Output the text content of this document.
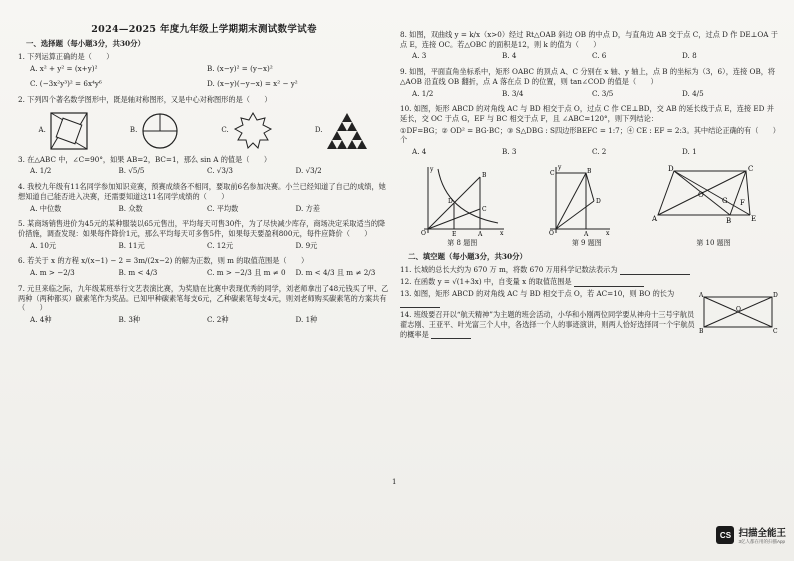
2024—2025 年度九年级上学期期末测试数学试卷
一、选择题（每小题3分，共30分）
1. 下列运算正确的是（　　）
A. x² + y² = (x+y)²	B. (x−y)² = (y−x)²
C. (−3x²y³)² = 6x⁴y⁶	D. (x−y)(−y−x) = x² − y²
2. 下列四个著名数学图形中，既是轴对称图形，又是中心对称图形的是（　　）
A.	B.	C.	D.
3. 在△ABC 中，∠C=90°，如果 AB=2，BC=1，那么 sin A 的值是（　　）
A. 1/2	B. √5/5	C. √3/3	D. √3/2
4. 我校九年级有11名同学参加知识竞赛，预赛成绩各不相同，要取前6名参加决赛。小兰已经知道了自己的成绩，她想知道自己能否进入决赛，还需要知道这11名同学成绩的（　　）
A. 中位数	B. 众数	C. 平均数	D. 方差
5. 某商场销售进价为45元的某种服装以65元售出，平均每天可售30件，为了尽快减少库存，商场决定采取适当的降价措施，调查发现：如果每件降价1元，那么平均每天可多售5件，如果每天要盈利800元，每件应降价（　　）
A. 10元	B. 11元	C. 12元	D. 9元
6. 若关于 x 的方程 x/(x−1) − 2 = 3m/(2x−2) 的解为正数，则 m 的取值范围是（　　）
A. m > −2/3	B. m < 4/3	C. m > −2/3 且 m ≠ 0	D. m < 4/3 且 m ≠ 2/3
7. 元旦来临之际，九年级某班举行文艺表演比赛，为奖励在比赛中表现优秀的同学，刘老师拿出了48元钱买了甲、乙两种（两种都买）碳素笔作为奖品。已知甲种碳素笔每支6元，乙种碳素笔每支4元，则刘老师购买碳素笔的方案共有（　　）
A. 4种	B. 3种	C. 2种	D. 1种
8. 如图，双曲线 y = k/x（x>0）经过 Rt△OAB 斜边 OB 的中点 D，与直角边 AB 交于点 C，过点 D 作 DE⊥OA 于点 E，连接 OC。若△OBC 的面积是12，则 k 的值为（　　）
A. 3	B. 4	C. 6	D. 8
9. 如图，平面直角坐标系中，矩形 OABC 的顶点 A、C 分别在 x 轴、y 轴上，点 B 的坐标为（3，6），连接 OB，将△AOB 沿直线 OB 翻折，点 A 落在点 D 的位置，则 tan∠COD 的值是（　　）
A. 1/2	B. 3/4	C. 3/5	D. 4/5
10. 如图，矩形 ABCD 的对角线 AC 与 BD 相交于点 O，过点 C 作 CE⊥BD，交 AB 的延长线于点 E，连接 ED 并延长，交 OC 于点 G，EF 与 BC 相交于点 F，且 ∠ABC=120°，则下列结论：
①DF=BG；② OD² = BG·BC；③ S△DBG : S四边形BEFC = 1:7；④ CE : EF = 2:3。其中结论正确的有（　　）个
A. 4	B. 3	C. 2	D. 1
B
C
D
O	E	A	x
y
C	B
D
O	A	x
y	D	C
A	B	E
O
G F
第 8 题图	第 9 题图	第 10 题图
二、填空题（每小题3分，共30分）
11. 长城的总长大约为 670 万 m，将数 670 万用科学记数法表示为
12. 在函数 y = √(1+3x) 中，自变量 x 的取值范围是
13. 如图，矩形 ABCD 的对角线 AC 与 BD 相交于点 O，若 AC=10，则 BO 的长为
14. 班级要召开以“航天精神”为主题的班会活动，小华和小刚两位同学要从神舟十三号宇航员翟志刚、王亚平、叶光富三个人中，各选择一个人的事迹演讲，则两人恰好选择同一个宇航员的概率是
A	D
B	C
O
1
CS 扫描全能王
3亿人都在用的扫描App
